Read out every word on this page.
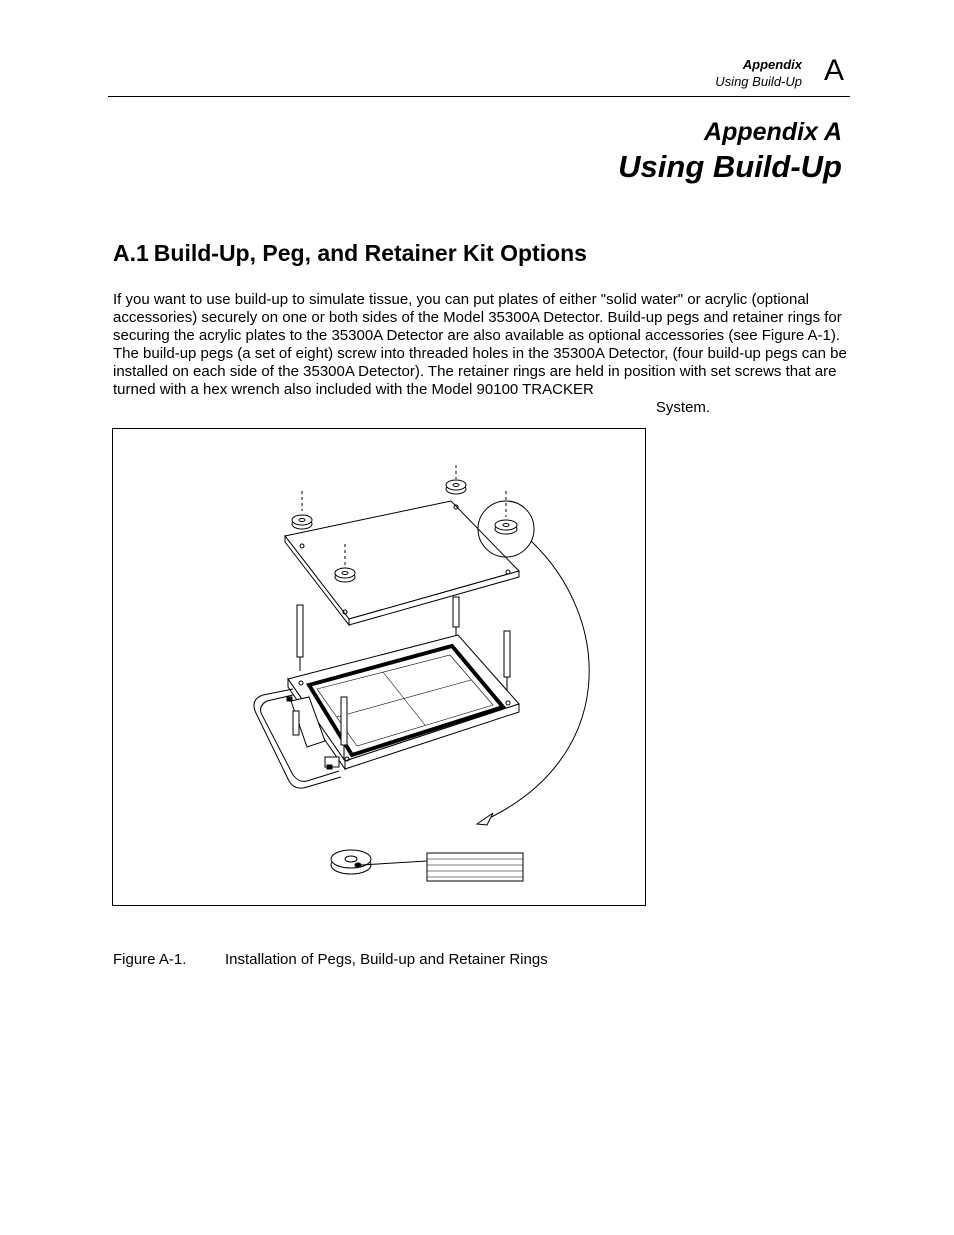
Appendix
Using Build-Up A
Appendix A
Using Build-Up
A.1 Build-Up, Peg, and Retainer Kit Options

If you want to use build-up to simulate tissue, you can put plates of either "solid water" or acrylic (optional accessories) securely on one or both sides of the Model 35300A Detector. Build-up pegs and retainer rings for securing the acrylic plates to the 35300A Detector are also available as optional accessories (see Figure A-1). The build-up pegs (a set of eight) screw into threaded holes in the 35300A Detector, (four build-up pegs can be installed on each side of the 35300A Detector). The retainer rings are held in position with set screws that are turned with a hex wrench also included with the Model 90100 TRACKER
System.

Figure A-1.	Installation of Pegs, Build-up and Retainer Rings
